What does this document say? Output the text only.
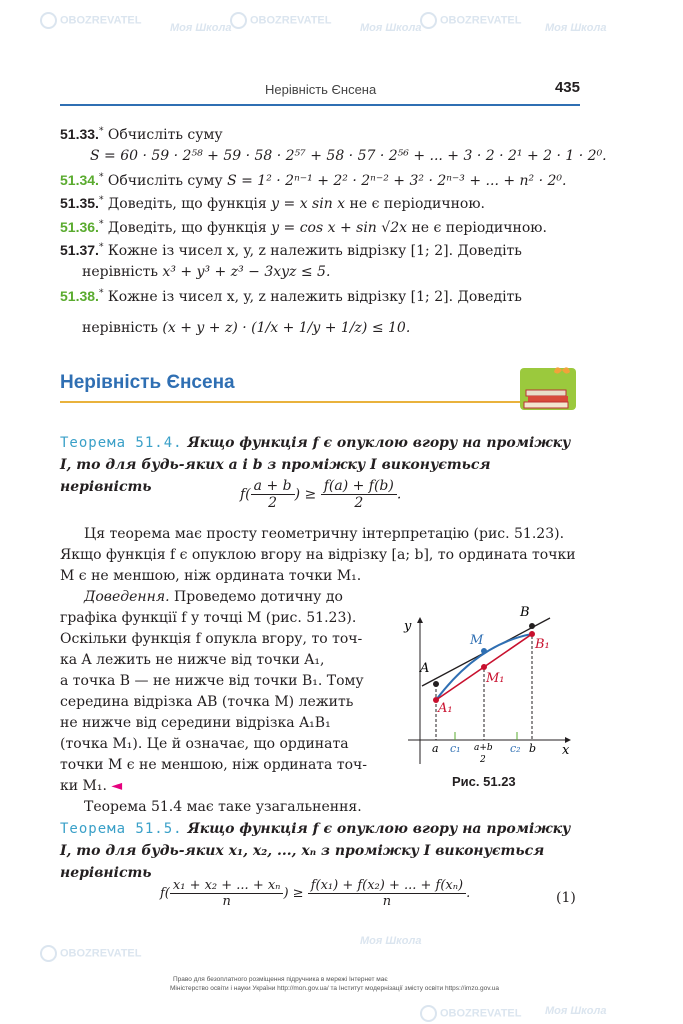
OBOZREVATEL
Моя Школа
OBOZREVATEL
Моя Школа
OBOZREVATEL
Моя Школа
OBOZREVATEL
Моя Школа
OBOZREVATEL Моя Школа
Нерівність Єнсена	435
51.33.* Обчисліть суму
S = 60 · 59 · 2⁵⁸ + 59 · 58 · 2⁵⁷ + 58 · 57 · 2⁵⁶ + ... + 3 · 2 · 2¹ + 2 · 1 · 2⁰.
51.34.* Обчисліть суму S = 1² · 2ⁿ⁻¹ + 2² · 2ⁿ⁻² + 3² · 2ⁿ⁻³ + ... + n² · 2⁰.
51.35.* Доведіть, що функція y = x sin x не є періодичною.
51.36.* Доведіть, що функція y = cos x + sin √2x не є періодичною.
51.37.* Кожне із чисел x, y, z належить відрізку [1; 2]. Доведіть
нерівність x³ + y³ + z³ − 3xyz ≤ 5.
51.38.* Кожне із чисел x, y, z належить відрізку [1; 2]. Доведіть
нерівність (x + y + z) · (1/x + 1/y + 1/z) ≤ 10.
Нерівність Єнсена
Теорема 51.4. Якщо функція f є опуклою вгору на проміжку I, то для будь-яких a і b з проміжку I виконується нерівність	$f( \frac{a + b}{2}$ ) ≥ $\frac{f(a) + f(b)}{2}$ .
Ця теорема має просту геометричну інтерпретацію (рис. 51.23). Якщо функція f є опуклою вгору на відрізку [a; b], то ордината точки M є не меншою, ніж ордината точки M₁.
Доведення. Проведемо дотичну до
графіка функції f у точці M (рис. 51.23).
Оскільки функція f опукла вгору, то точ-
ка A лежить не нижче від точки A₁,
а точка B — не нижче від точки B₁. Тому
середина відрізка AB (точка M) лежить
не нижче від середини відрізка A₁B₁
(точка M₁). Це й означає, що ордината
точки M є не меншою, ніж ордината точ-
ки M₁. ◄
Теорема 51.4 має таке узагальнення.
y
x
A
A₁
M
M₁
B
B₁
a c₁ a+b
2
c₂ b
Рис. 51.23
Теорема 51.5. Якщо функція f є опуклою вгору на проміжку I, то для будь-яких x₁, x₂, ..., xₙ з проміжку I виконується нерівність
$f( \frac{\text{x₁ + x₂ + ... + xₙ}}{n}$ ) ≥ $\frac{\text{f(x₁) + f(x₂) + ... + f(xₙ)}}{n}$ .	(1)
Право для безоплатного розміщення підручника в мережі Інтернет має
Міністерство освіти і науки України http://mon.gov.ua/ та Інститут модернізації змісту освіти https://imzo.gov.ua
